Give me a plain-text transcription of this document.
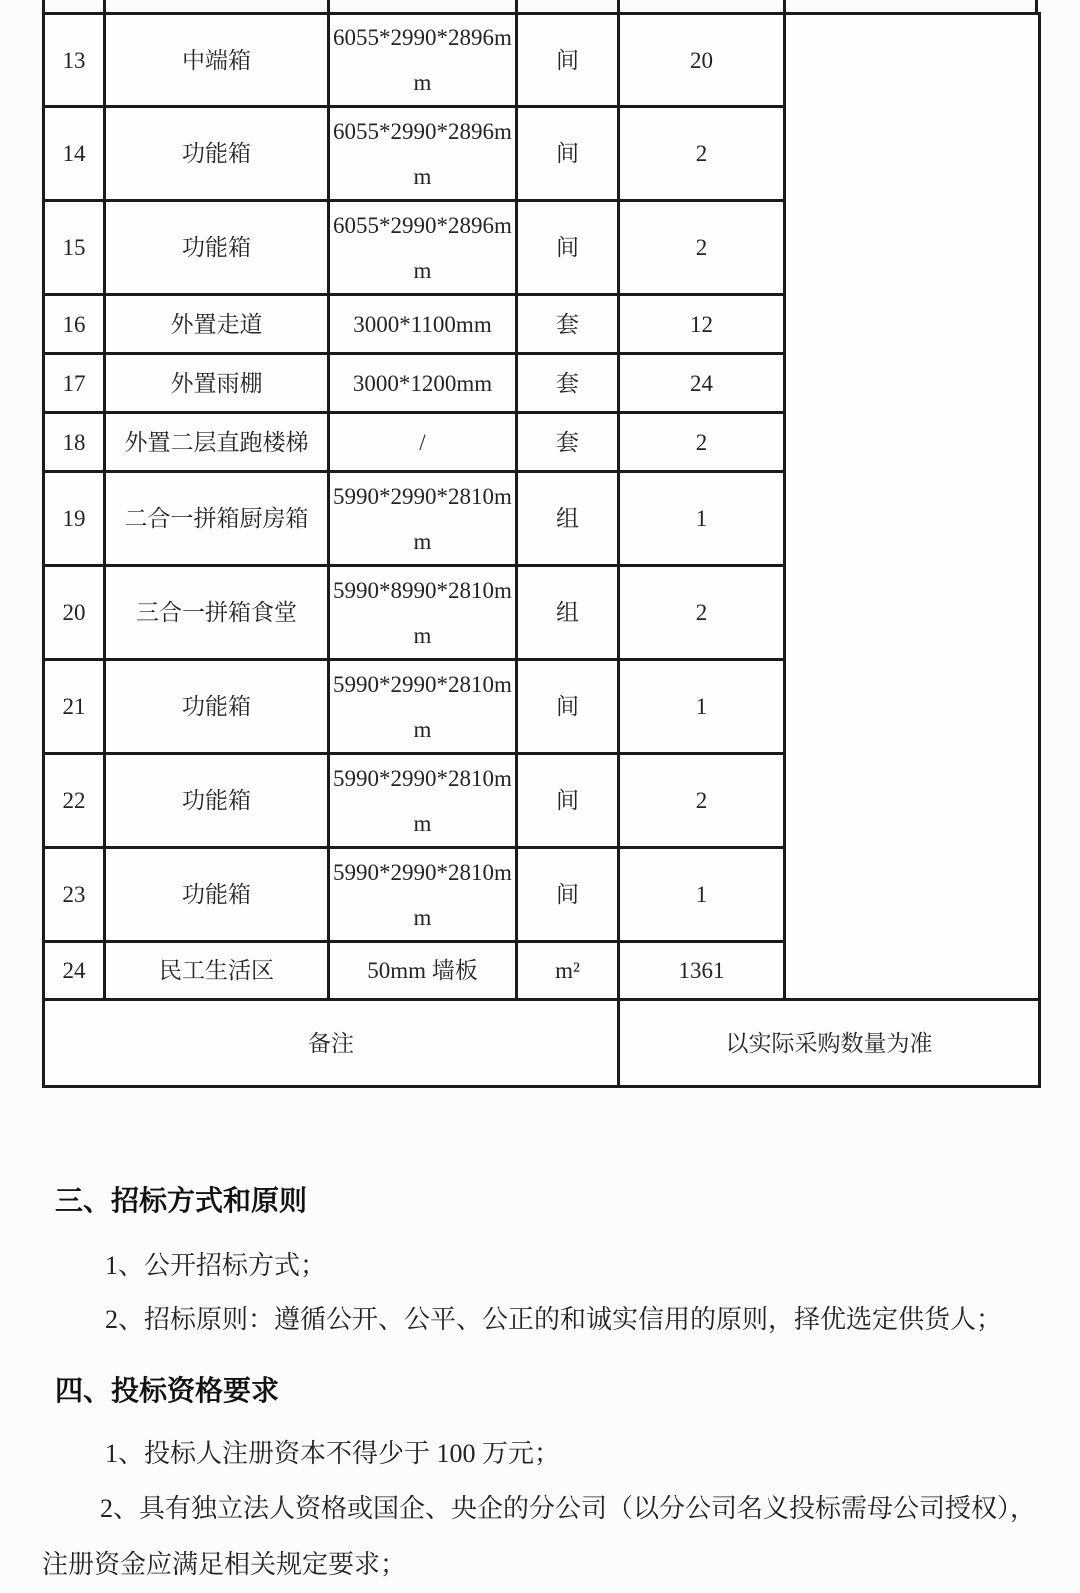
13	中端箱	6055*2990*2896mm	间	20	
14	功能箱	6055*2990*2896mm	间	2	
15	功能箱	6055*2990*2896mm	间	2	
16	外置走道	3000*1100mm	套	12	
17	外置雨棚	3000*1200mm	套	24	
18	外置二层直跑楼梯	/	套	2	
19	二合一拼箱厨房箱	5990*2990*2810mm	组	1	
20	三合一拼箱食堂	5990*8990*2810mm	组	2	
21	功能箱	5990*2990*2810mm	间	1	
22	功能箱	5990*2990*2810mm	间	2	
23	功能箱	5990*2990*2810mm	间	1	
24	民工生活区	50mm 墙板	m²	1361	
备注				以实际采购数量为准	
三、招标方式和原则
1、公开招标方式；
2、招标原则：遵循公开、公平、公正的和诚实信用的原则，择优选定供货人；
四、投标资格要求
1、投标人注册资本不得少于 100 万元；
2、具有独立法人资格或国企、央企的分公司（以分公司名义投标需母公司授权），注册资金应满足相关规定要求；
